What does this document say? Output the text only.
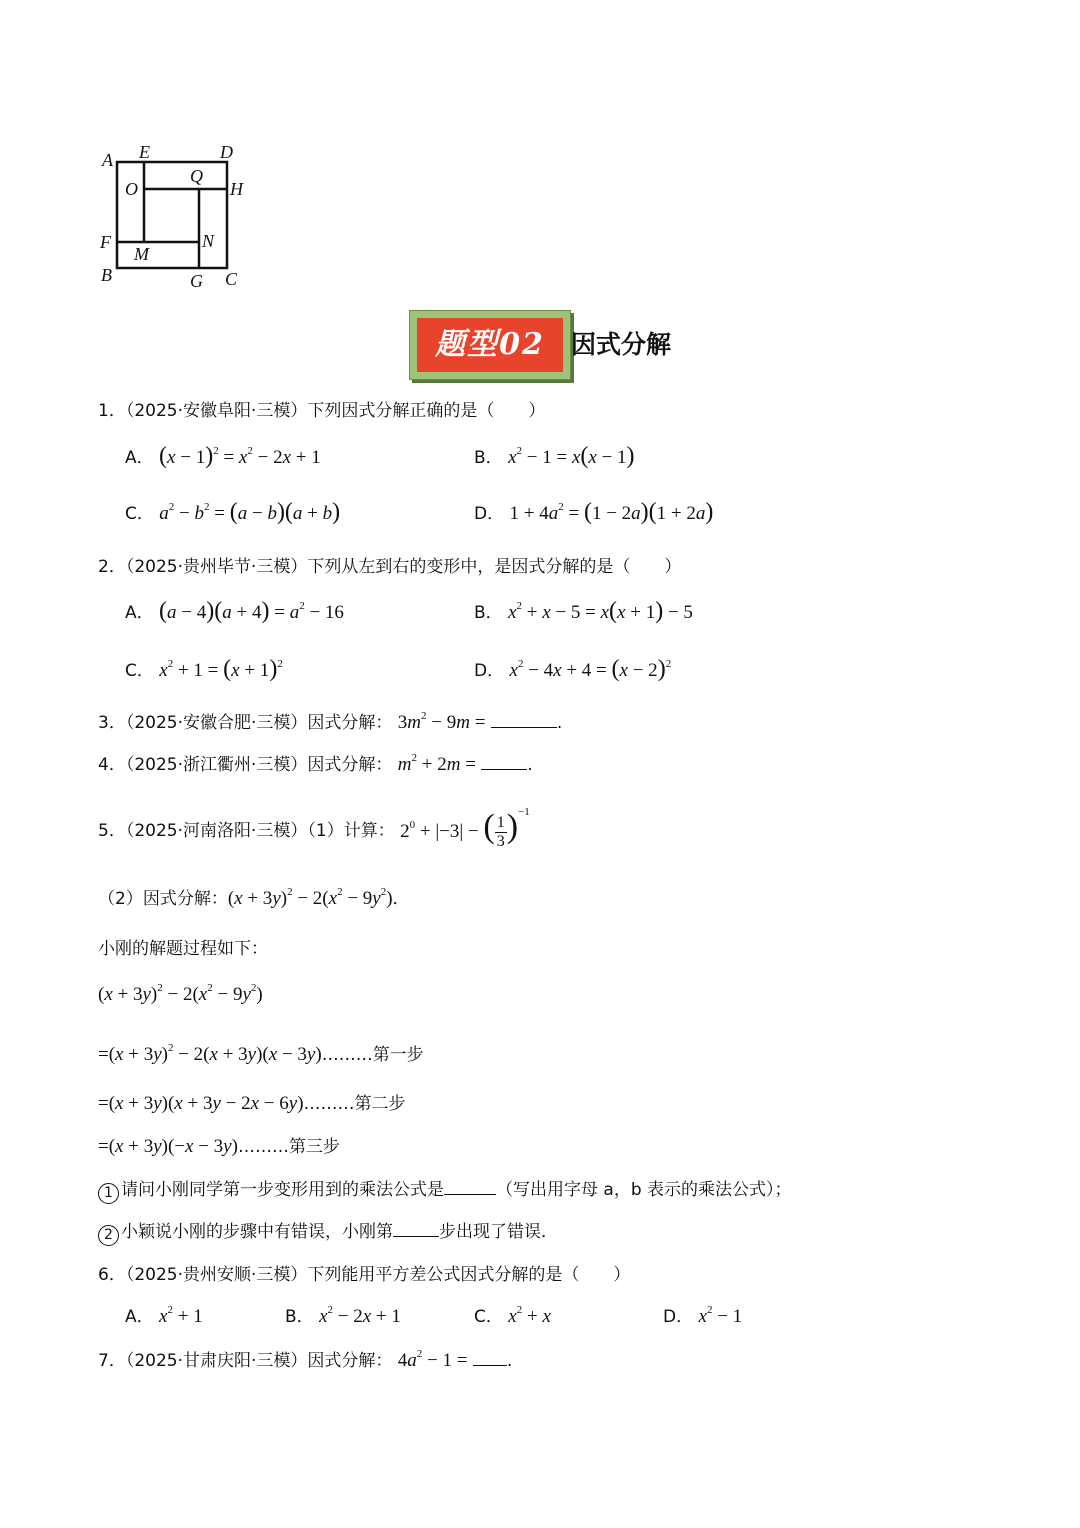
A E	D
O
Q
H
F	N
M
B	G C
题型02	因式分解
1．（2025·安徽阜阳·三模）下列因式分解正确的是（　　）
A． $(x - 1)^2 = x^2 - 2x + 1$	B． $x^2 - 1 = x(x - 1)$
C． $a^2 - b^2 = (a - b)(a + b)$	D． $1 + 4a^2 = (1 - 2a)(1 + 2a)$
2．（2025·贵州毕节·三模）下列从左到右的变形中，是因式分解的是（　　）
A． $(a - 4)(a + 4) = a^2 - 16$	B． $x^2 + x - 5 = x(x + 1) - 5$
C． $x^2 + 1 = (x + 1)^2$	D． $x^2 - 4x + 4 = (x - 2)^2$
3．（2025·安徽合肥·三模）因式分解： $3m^2 - 9m$ =	.
4．（2025·浙江衢州·三模）因式分解： $m^2 + 2m$ =	.
5．（2025·河南洛阳·三模）（1）计算： $2^0 + |-3|$ − ( $\frac{1}{3} )^{-1}$
（2）因式分解：$(x + 3y)^2 - 2(x^2 - 9y^2)$．
小刚的解题过程如下：
$(x + 3y)^2 - 2(x^2 - 9y^2)$
$=(x + 3y)^2 - 2(x + 3y)(x$ − 3y)………第一步
=(x + 3y)(x + 3y − 2x − 6y)………第二步
=(x + 3y)(−x − 3y)………第三步
1 请问小刚同学第一步变形用到的乘法公式是	（写出用字母 a，b 表示的乘法公式）；
2 小颖说小刚的步骤中有错误，小刚第	步出现了错误．
6．（2025·贵州安顺·三模）下列能用平方差公式因式分解的是（　　）
A． $x^2 + 1$	B． $x^2 - 2x + 1$	C． $x^2 + x$	D． $x^2 - 1$
7．（2025·甘肃庆阳·三模）因式分解： $4a^2 - 1$ = .
